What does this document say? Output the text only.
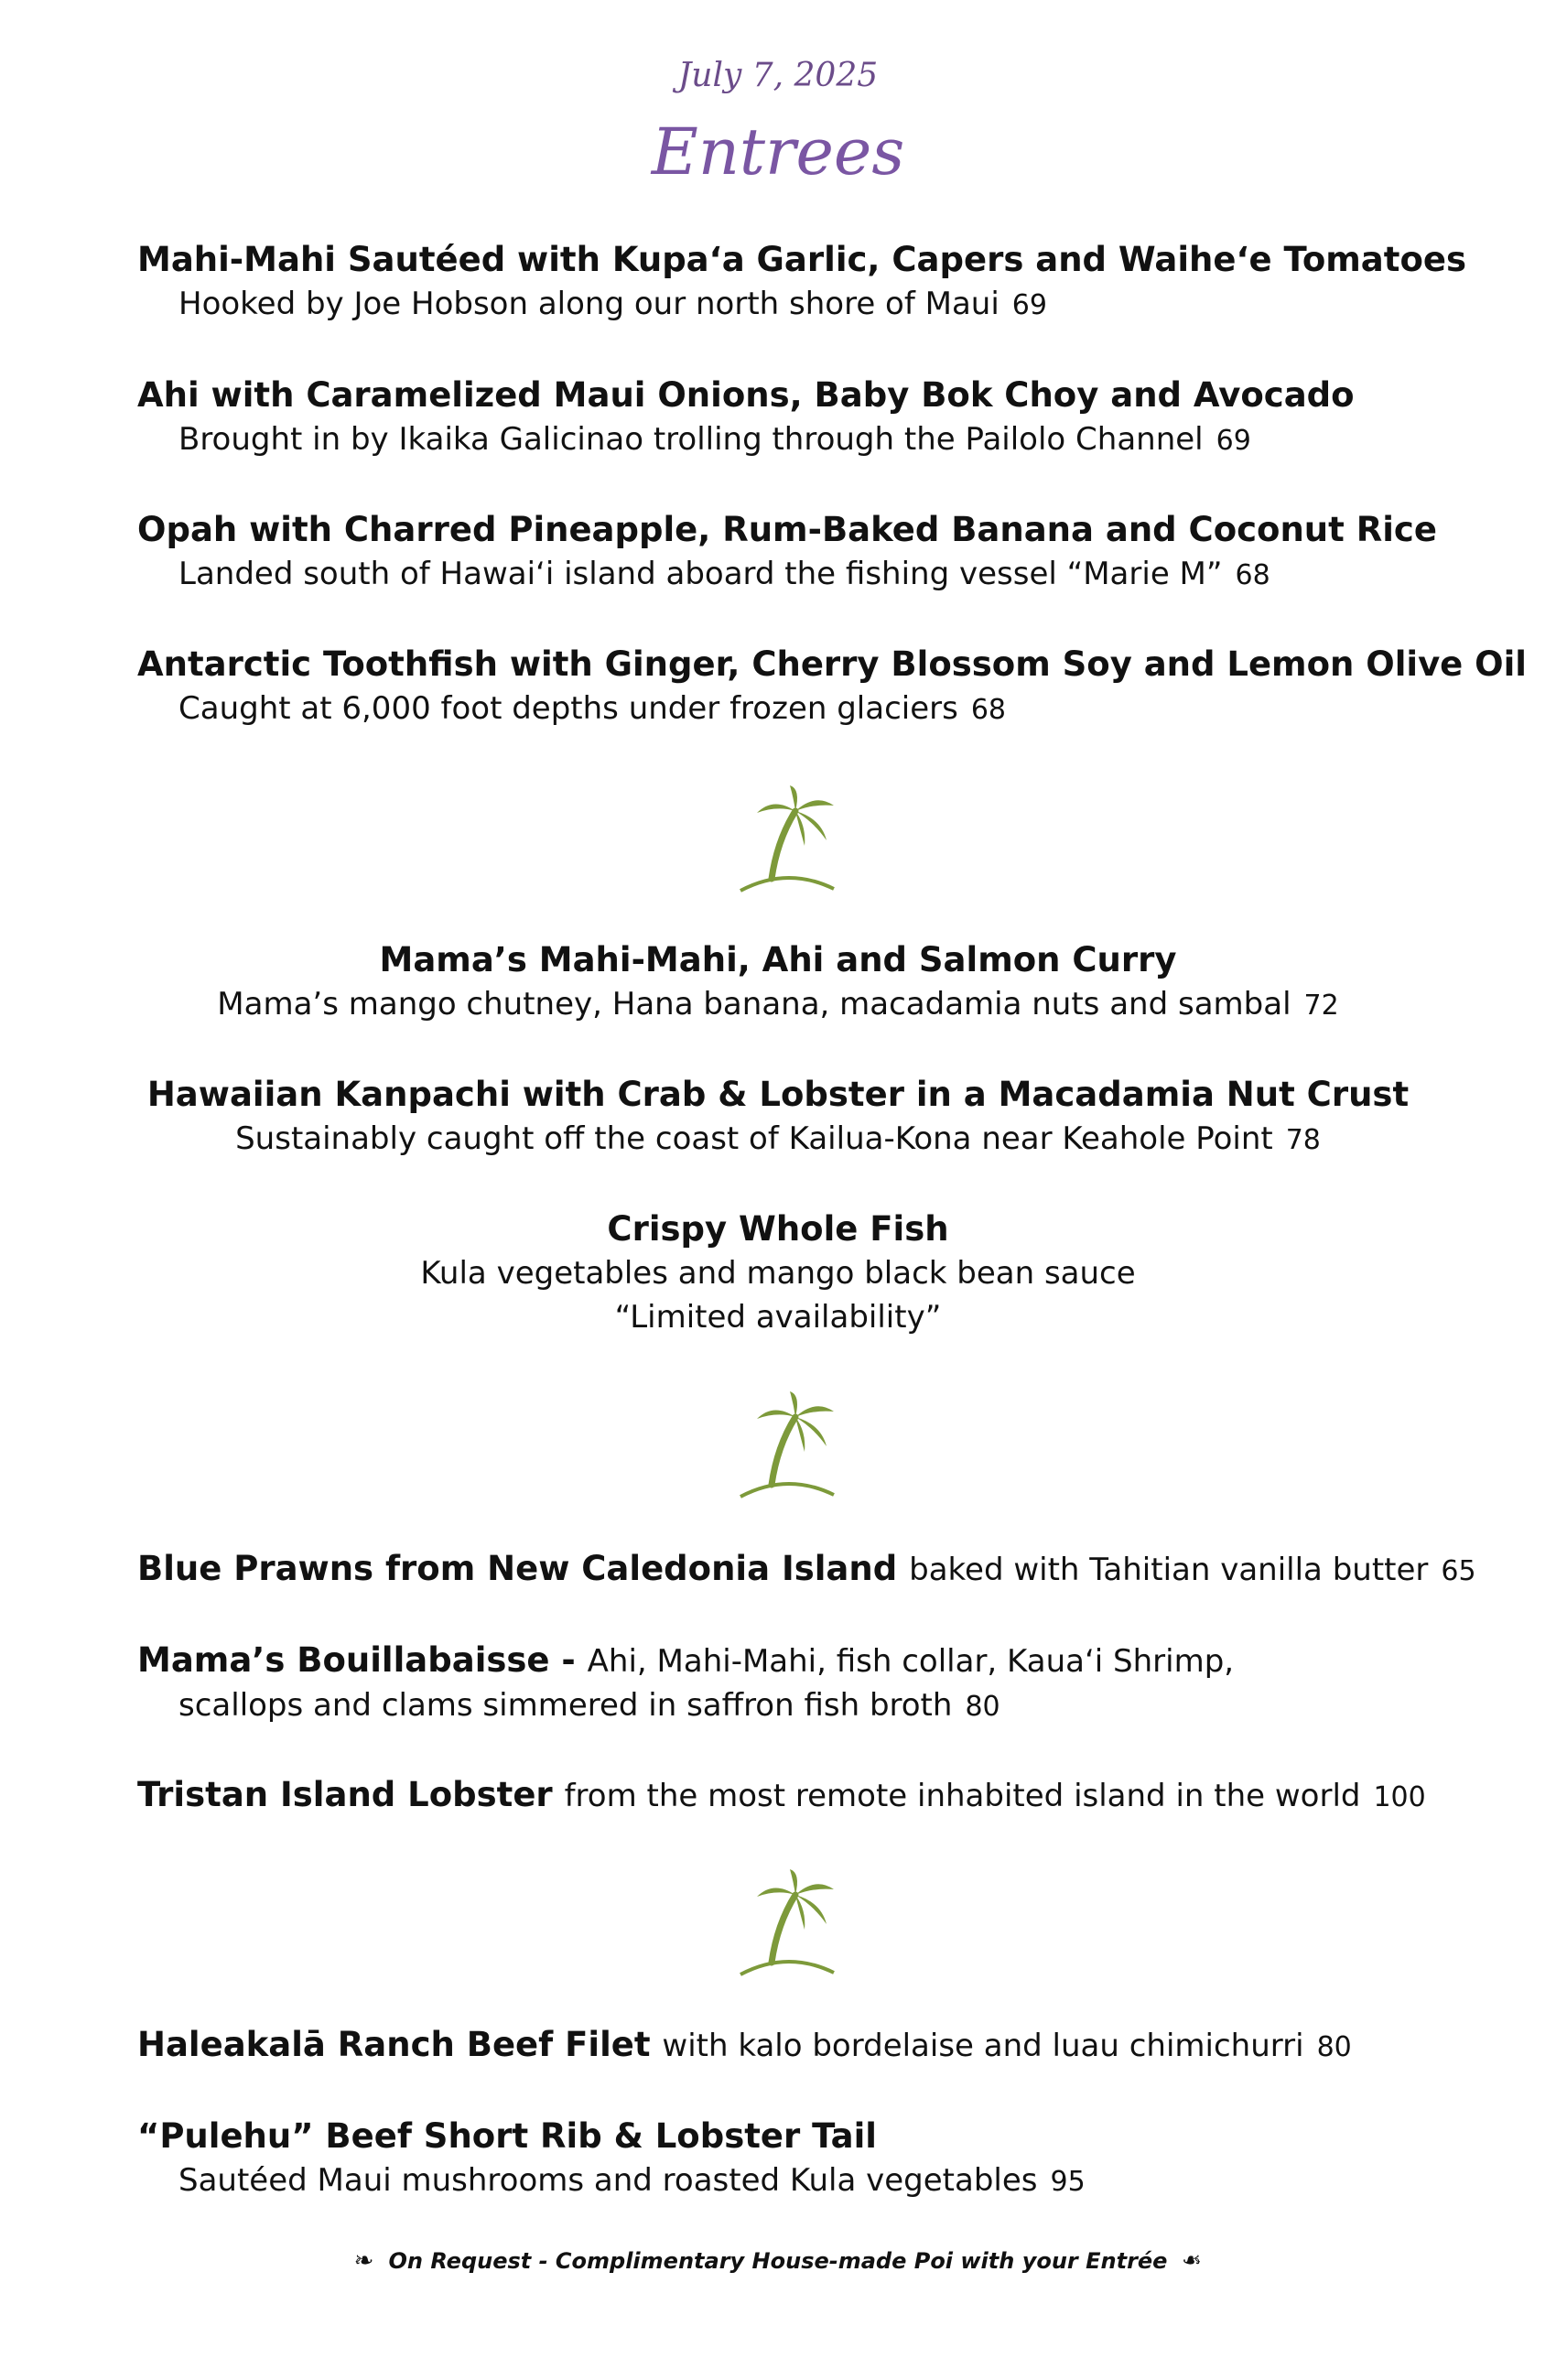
July 7, 2025
Entrees
Mahi-Mahi Sautéed with Kupaʻa Garlic, Capers and Waiheʻe Tomatoes
Hooked by Joe Hobson along our north shore of Maui 69
Ahi with Caramelized Maui Onions, Baby Bok Choy and Avocado
Brought in by Ikaika Galicinao trolling through the Pailolo Channel 69
Opah with Charred Pineapple, Rum-Baked Banana and Coconut Rice
Landed south of Hawaiʻi island aboard the fishing vessel “Marie M” 68
Antarctic Toothfish with Ginger, Cherry Blossom Soy and Lemon Olive Oil
Caught at 6,000 foot depths under frozen glaciers 68
Mama’s Mahi-Mahi, Ahi and Salmon Curry
Mama’s mango chutney, Hana banana, macadamia nuts and sambal 72
Hawaiian Kanpachi with Crab & Lobster in a Macadamia Nut Crust
Sustainably caught off the coast of Kailua-Kona near Keahole Point 78
Crispy Whole Fish
Kula vegetables and mango black bean sauce
“Limited availability”
Blue Prawns from New Caledonia Island baked with Tahitian vanilla butter 65
Mama’s Bouillabaisse - Ahi, Mahi-Mahi, fish collar, Kauaʻi Shrimp,
scallops and clams simmered in saffron fish broth 80
Tristan Island Lobster from the most remote inhabited island in the world 100
Haleakalā Ranch Beef Filet with kalo bordelaise and luau chimichurri 80
“Pulehu” Beef Short Rib & Lobster Tail
Sautéed Maui mushrooms and roasted Kula vegetables 95
❧ On Request - Complimentary House-made Poi with your Entrée ❧
